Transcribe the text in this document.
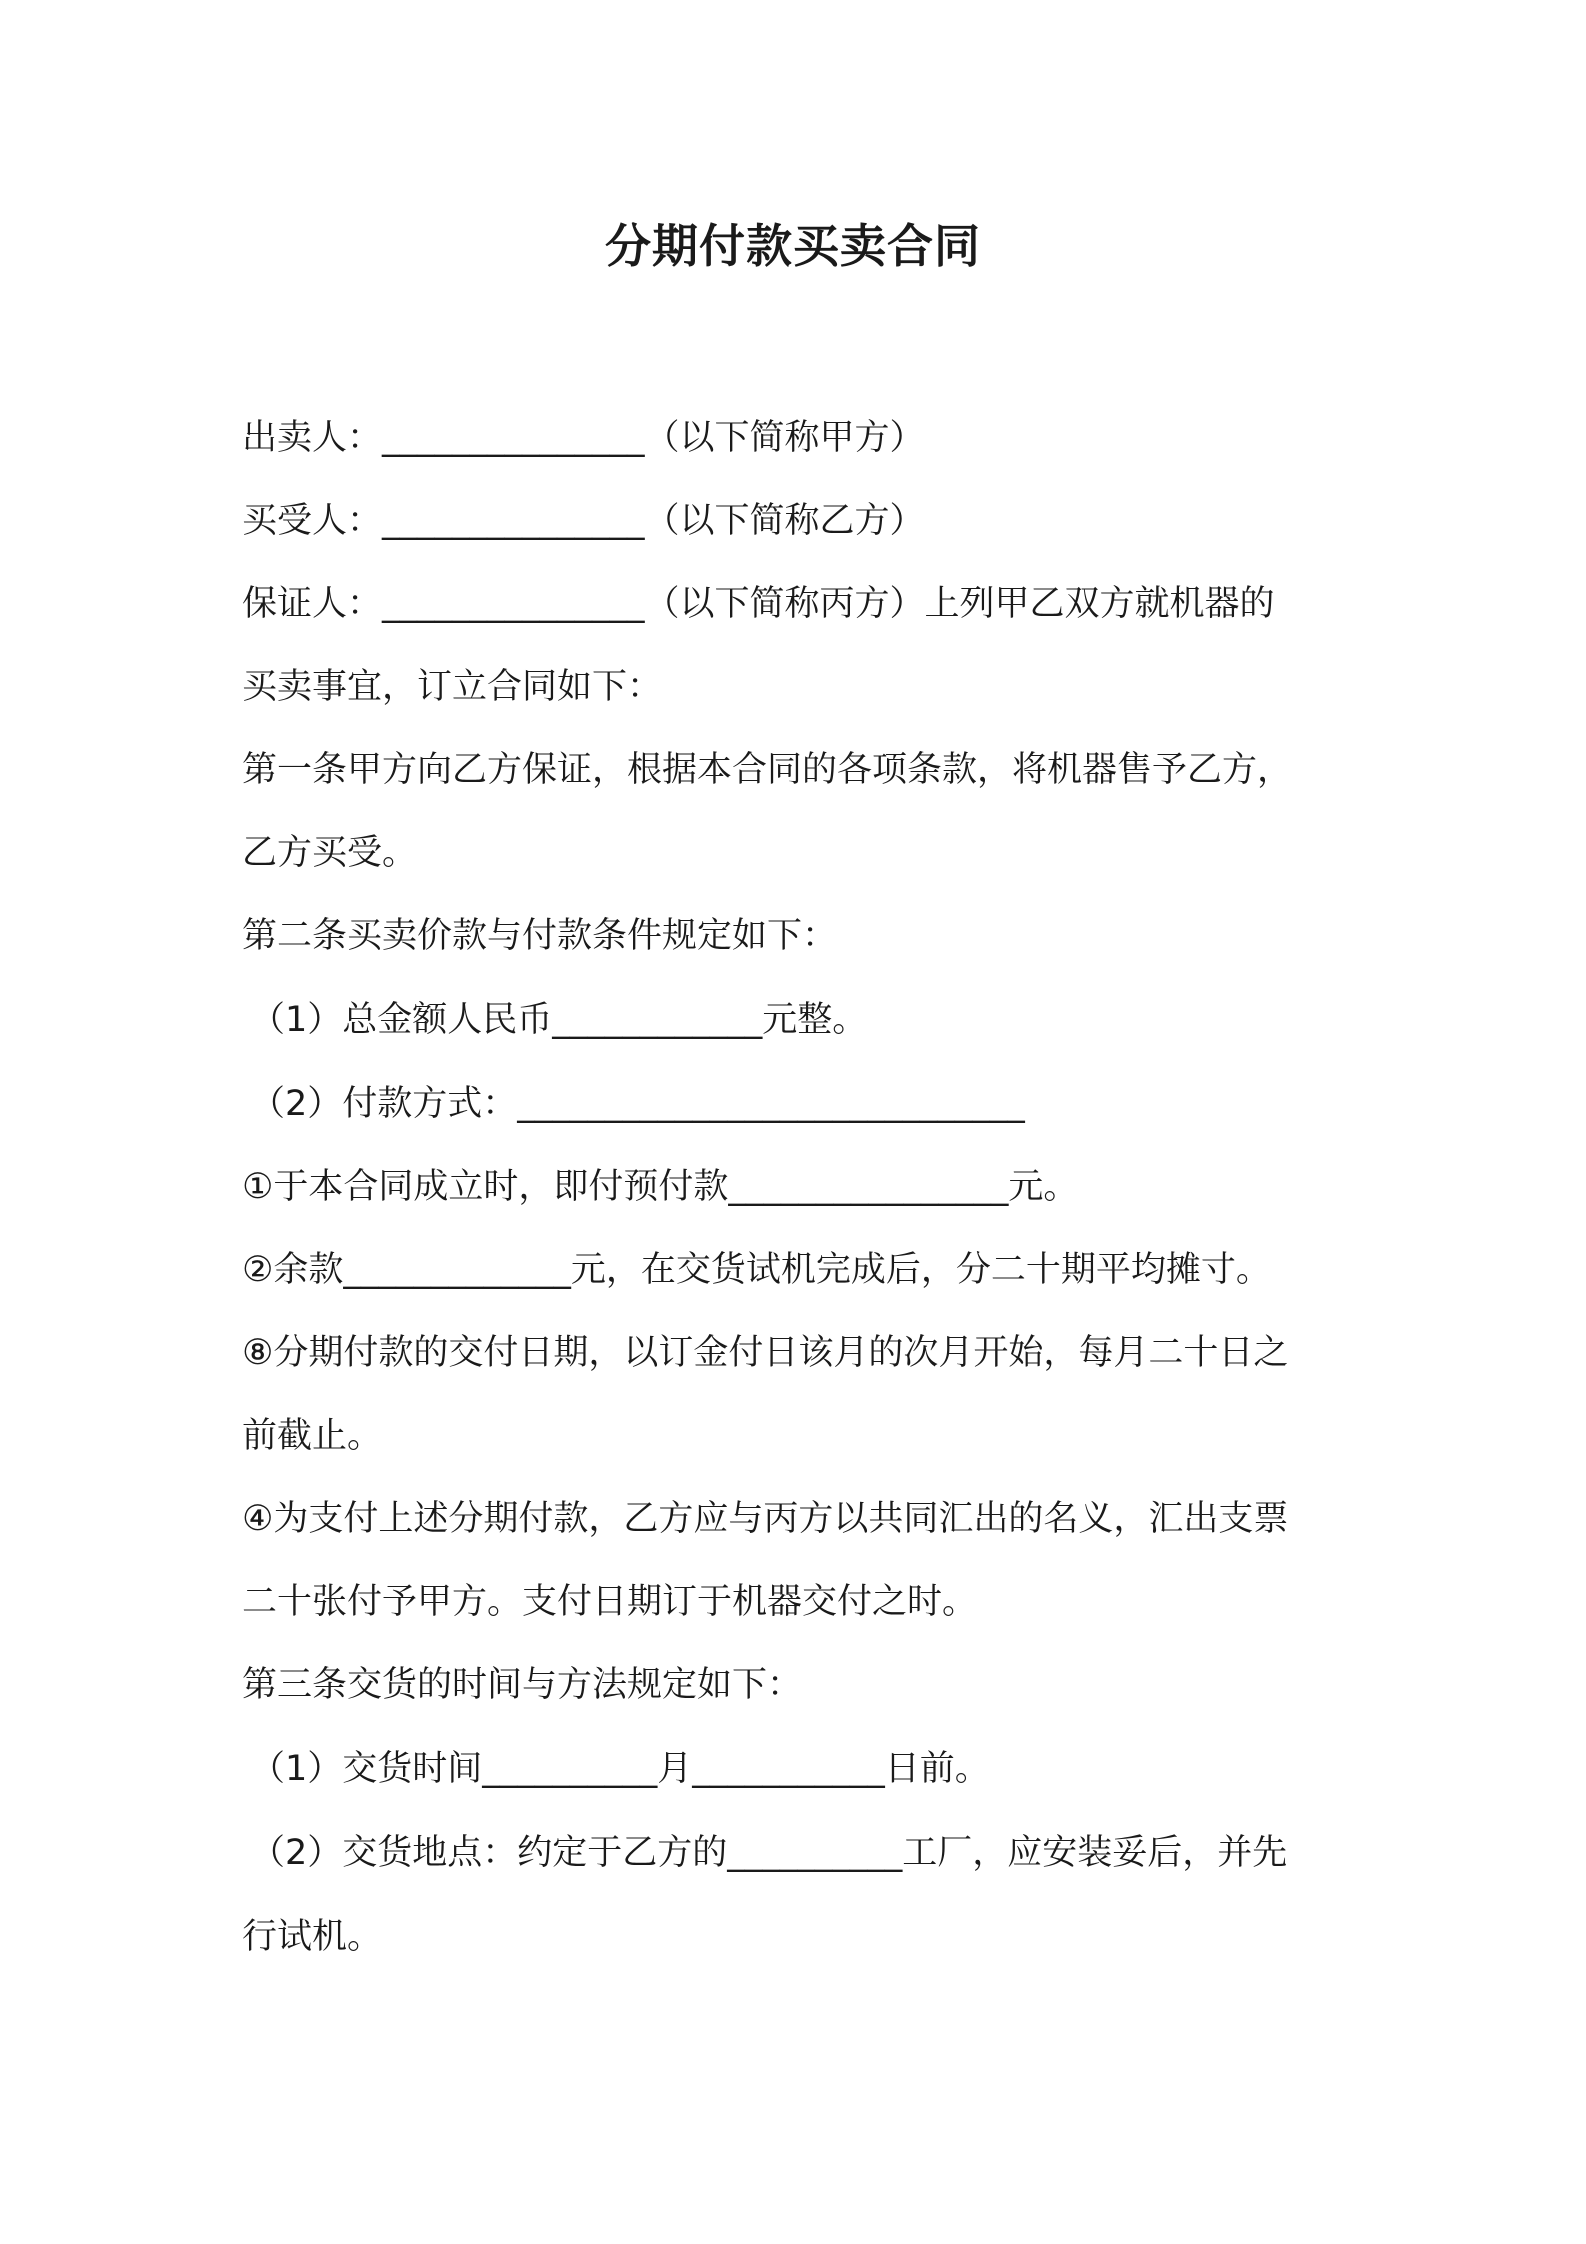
分期付款买卖合同
出卖人：_______________（以下简称甲方）
买受人：_______________（以下简称乙方）
保证人：_______________（以下简称丙方）上列甲乙双方就机器的
买卖事宜，订立合同如下：
第一条甲方向乙方保证，根据本合同的各项条款，将机器售予乙方，
乙方买受。
第二条买卖价款与付款条件规定如下：
（1）总金额人民币____________元整。
（2）付款方式：_____________________________
①于本合同成立时，即付预付款________________元。
②余款_____________元，在交货试机完成后，分二十期平均摊寸。
⑧分期付款的交付日期，以订金付日该月的次月开始，每月二十日之
前截止。
④为支付上述分期付款，乙方应与丙方以共同汇出的名义，汇出支票
二十张付予甲方。支付日期订于机器交付之时。
第三条交货的时间与方法规定如下：
（1）交货时间__________月___________日前。
（2）交货地点：约定于乙方的__________工厂，应安装妥后，并先
行试机。
